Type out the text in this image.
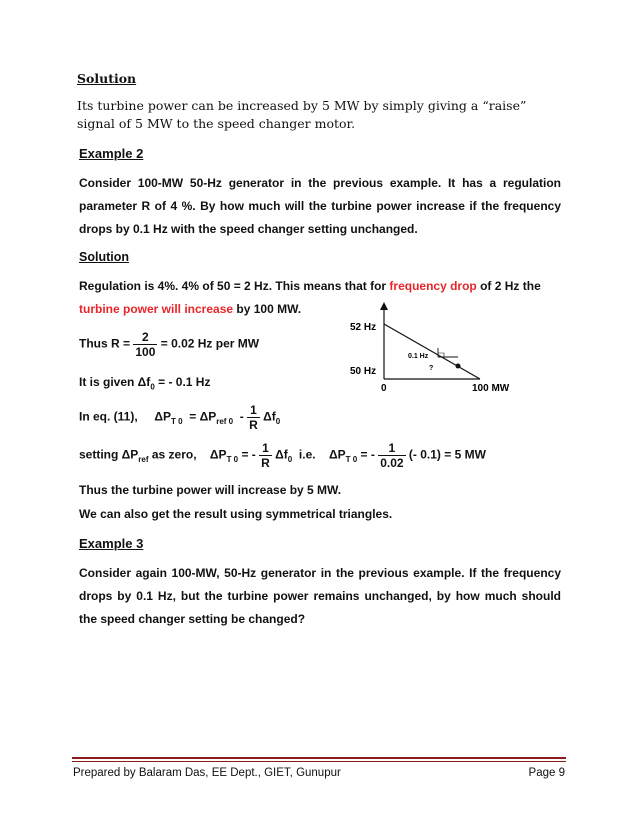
Solution
Its turbine power can be increased by 5 MW by simply giving a “raise” signal of 5 MW to the speed changer motor.
Example 2
Consider 100-MW 50-Hz generator in the previous example. It has a regulation parameter R of 4 %. By how much will the turbine power increase if the frequency drops by 0.1 Hz with the speed changer setting unchanged.
Solution
Regulation is 4%. 4% of 50 = 2 Hz. This means that for frequency drop of 2 Hz the
turbine power will increase by 100 MW.
Thus $R = \frac{2}{100} = 0.02$ Hz per MW
It is given $\Delta f_0$ = - 0.1 Hz
In eq. (11), $\Delta P_{T 0} = \Delta P_{ref 0} - \frac{1}{R} \Delta f_0$
setting $\Delta P_{ref}$ as zero, $\Delta P_{T 0}$ = - $\frac{1}{R} \Delta f_0$ i.e. $\Delta P_{T 0}$ = - $\frac{1}{0.02}$ (- 0.1) = 5 MW
Thus the turbine power will increase by 5 MW.
We can also get the result using symmetrical triangles.
52 Hz
50 Hz
0	100 MW
0.1 Hz
?
Example 3
Consider again 100-MW, 50-Hz generator in the previous example. If the frequency drops by 0.1 Hz, but the turbine power remains unchanged, by how much should the speed changer setting be changed?
Prepared by Balaram Das, EE Dept., GIET, Gunupur	Page 9
